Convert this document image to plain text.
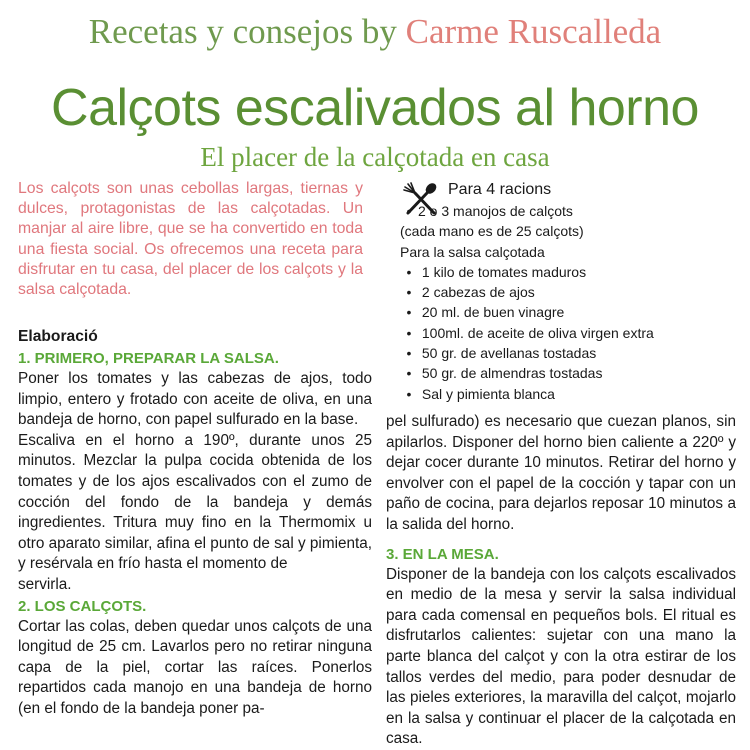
Recetas y consejos by Carme Ruscalleda
Calçots escalivados al horno
El placer de la calçotada en casa

Los calçots son unas cebollas largas, tiernas y dulces, protagonistas de las calçotadas. Un manjar al aire libre, que se ha convertido en toda una fiesta social. Os ofrecemos una receta para disfrutar en tu casa, del placer de los calçots y la salsa calçotada.

Para 4 racions
• 2 o 3 manojos de calçots
(cada mano es de 25 calçots)
Para la salsa calçotada
• 1 kilo de tomates maduros
• 2 cabezas de ajos
• 20 ml. de buen vinagre
• 100ml. de aceite de oliva virgen extra
• 50 gr. de avellanas tostadas
• 50 gr. de almendras tostadas
• Sal y pimienta blanca
Elaboració
1. PRIMERO, PREPARAR LA SALSA.

Poner los tomates y las cabezas de ajos, todo limpio, entero y frotado con aceite de oliva, en una bandeja de horno, con papel sulfurado en la base.

Escaliva en el horno a 190º, durante unos 25 minutos. Mezclar la pulpa cocida obtenida de los tomates y de los ajos escalivados con el zumo de cocción del fondo de la bandeja y demás ingredientes. Tritura muy fino en la Thermomix u otro aparato similar, afina el punto de sal y pimienta, y resérvala en frío hasta el momento de

servirla.

2. LOS CALÇOTS.

Cortar las colas, deben quedar unos calçots de una longitud de 25 cm. Lavarlos pero no retirar ninguna capa de la piel, cortar las raíces. Ponerlos repartidos cada manojo en una bandeja de horno (en el fondo de la bandeja poner pa-

pel sulfurado) es necesario que cuezan planos, sin apilarlos. Disponer del horno bien caliente a 220º y dejar cocer durante 10 minutos. Retirar del horno y envolver con el papel de la cocción y tapar con un paño de cocina, para dejarlos reposar 10 minutos a la salida del horno.

3. EN LA MESA.

Disponer de la bandeja con los calçots escalivados en medio de la mesa y servir la salsa individual para cada comensal en pequeños bols. El ritual es disfrutarlos calientes: sujetar con una mano la parte blanca del calçot y con la otra estirar de los tallos verdes del medio, para poder desnudar de las pieles exteriores, la maravilla del calçot, mojarlo en la salsa y continuar el placer de la calçotada en casa.
